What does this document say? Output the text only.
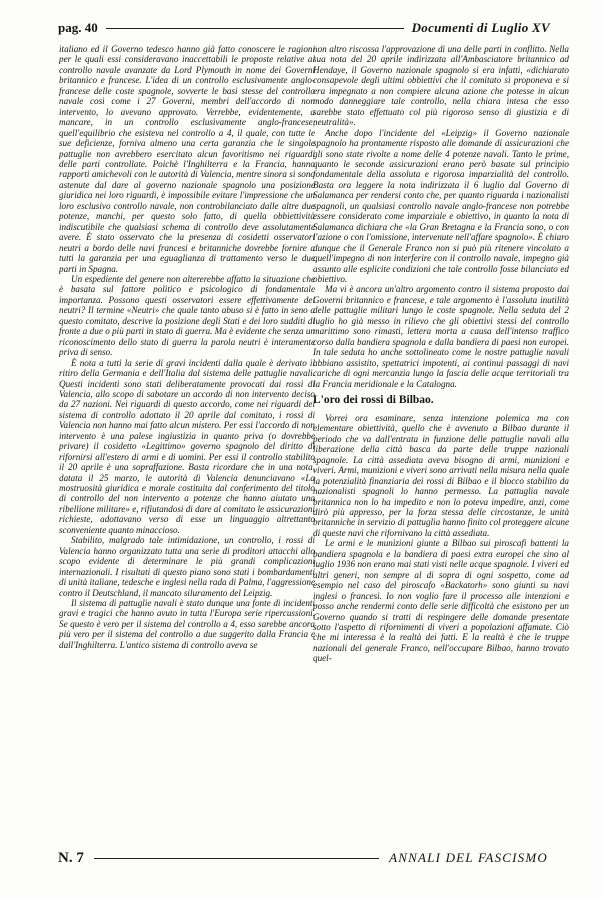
pag. 40	Documenti di Luglio XV

italiano ed il Governo tedesco hanno già fatto conoscere le ragioni per le quali essi consideravano inaccettabili le proposte relative al controllo navale avanzate da Lord Plymouth in nome dei Governi britannico e francese. L'idea di un controllo esclusivamente anglo-francese delle coste spagnole, sovverte le basi stesse del controllo navale così come i 27 Governi, membri dell'accordo di non intervento, lo avevano approvato. Verrebbe, evidentemente, a mancare, in un controllo esclusivamente anglo-francese, quell'equilibrio che esisteva nel controllo a 4, il quale, con tutte le sue deficienze, forniva almeno una certa garanzia che le singole pattuglie non avrebbero esercitato alcun favoritismo nei riguardi delle parti controllate. Poichè l'Inghilterra e la Francia, hanno rapporti amichevoli con le autorità di Valencia, mentre sinora si sono astenute dal dare al governo nazionale spagnolo una posizione giuridica nei loro riguardi, è impossibile evitare l'impressione che un loro esclusivo controllo navale, non controbilanciato dalle altre due potenze, manchi, per questo solo fatto, di quella obbiettività indiscutibile che qualsiasi schema di controllo deve assolutamente avere. È stato osservato che la presenza di cosidetti osservatori neutri a bordo delle navi francesi e britanniche dovrebbe fornire a tutti la garanzia per una eguaglianza di trattamento verso le due parti in Spagna.

Un espediente del genere non altererebbe affatto la situazione che è basata sul fattore politico e psicologico di fondamentale importanza. Possono questi osservatori essere effettivamente dei neutri? Il termine «Neutri» che quale tanto abuso si è fatto in seno a questo comitato, descrive la posizione degli Stati e dei loro sudditi di fronte a due o più parti in stato di guerra. Ma è evidente che senza un riconoscimento dello stato di guerra la parola neutri è interamente priva di senso.

È nota a tutti la serie di gravi incidenti dalla quale è derivato il ritiro della Germania e dell'Italia dal sistema delle pattuglie navali. Questi incidenti sono stati deliberatamente provocati dai rossi di Valencia, allo scopo di sabotare un accordo di non intervento deciso da 27 nazioni. Nei riguardi di questo accordo, come nei riguardi del sistema di controllo adottato il 20 aprile dal comitato, i rossi di Valencia non hanno mai fatto alcun mistero. Per essi l'accordo di non intervento è una palese ingiustizia in quanto priva (o dovrebbe privare) il cosidetto «Legittimo» governo spagnolo del diritto di rifornirsi all'estero di armi e di uomini. Per essi il controllo stabilito il 20 aprile è una sopraffazione. Basta ricordare che in una nota, datata il 25 marzo, le autorità di Valencia denunciavano «La mostruosità giuridica e morale costituita dal conferimento del titolo di controllo del non intervento a potenze che hanno aiutato una ribellione militare» e, rifiutandosi di dare al comitato le assicurazioni richieste, adottavano verso di esse un linguaggio altrettanto sconveniente quanto minaccioso.

Stabilito, malgrado tale intimidazione, un controllo, i rossi di Valencia hanno organizzato tutta una serie di proditori attacchi allo scopo evidente di determinare le più grandi complicazioni internazionali. I risultati di questo piano sono stati i bombardamenti di unità italiane, tedesche e inglesi nella rada di Palma, l'aggressione contro il Deutschland, il mancato siluramento del Leipzig.

Il sistema di pattuglie navali è stato dunque una fonte di incidenti gravi e tragici che hanno avuto in tutta l'Europa serie ripercussioni. Se questo è vero per il sistema del controllo a 4, esso sarebbe ancora più vero per il sistema del controllo a due suggerito dalla Francia e dall'Inghilterra. L'antico sistema di controllo aveva se

non altro riscossa l'approvazione di una delle parti in conflitto. Nella sua nota del 20 aprile indirizzata all'Ambasciatore britannico ad Hendaye, il Governo nazionale spagnolo si era infatti, «dichiarato consapevole degli ultimi obbiettivi che il comitato si proponeva e si era impegnato a non compiere alcuna azione che potesse in alcun modo danneggiare tale controllo, nella chiara intesa che esso sarebbe stato effettuato col più rigoroso senso di giustizia e di neutralità».

Anche dopo l'incidente del «Leipzig» il Governo nazionale spagnolo ha prontamente risposto alle domande di assicurazioni che gli sono state rivolte a nome delle 4 potenze navali. Tanto le prime, quanto le seconde assicurazioni erano però basate sul principio fondamentale della assoluta e rigorosa imparzialità del controllo. Basta ora leggere la nota indirizzata il 6 luglio dal Governo di Salamanca per rendersi conto che, per quanto riguarda i nazionalisti spagnoli, un qualsiasi controllo navale anglo-francese non potrebbe essere considerato come imparziale e obiettivo, in quanto la nota di Salamanca dichiara che «la Gran Bretagna e la Francia sono, o con l'azione o con l'omissione, intervenute nell'affare spagnolo». È chiaro dunque che il Generale Franco non si può più ritenere vincolato a quell'impegno di non interferire con il controllo navale, impegno già assunto alle esplicite condizioni che tale controllo fosse bilanciato ed obiettivo.

Ma vi è ancora un'altro argomento contro il sistema proposto dai Governi britannico e francese, e tale argomento è l'assoluta inutilità delle pattuglie militari lungo le coste spagnole. Nella seduta del 2 luglio ho già messo in rilievo che gli obiettivi stessi del controllo marittimo sono rimasti, lettera morta a causa dell'intenso traffico corso dalla bandiera spagnola e dalla bandiera di paesi non europei. In tale seduta ho anche sottolineato come le nostre pattuglie navali abbiano assistito, spettatrici impotenti, ai continui passaggi di navi cariche di ogni mercanzia lungo la fascia delle acque territoriali tra la Francia meridionale e la Catalogna.

L'oro dei rossi di Bilbao.

Vorrei ora esaminare, senza intenzione polemica ma con elementare obiettività, quello che è avvenuto a Bilbao durante il periodo che va dall'entrata in funzione delle pattuglie navali alla liberazione della città basca da parte delle truppe nazionali spagnole. La città assediata aveva bisogno di armi, munizioni e viveri. Armi, munizioni e viveri sono arrivati nella misura nella quale la potenzialità finanziaria dei rossi di Bilbao e il blocco stabilito da nazionalisti spagnoli lo hanno permesso. La pattuglia navale britannica non lo ha impedito e non lo poteva impedire, anzi, come dirò più appresso, per la forza stessa delle circostanze, le unità britanniche in servizio di pattuglia hanno finito col proteggere alcune di queste navi che rifornivano la città assediata.

Le armi e le munizioni giunte a Bilbao sui piroscafi battenti la bandiera spagnola e la bandiera di paesi extra europei che sino al luglio 1936 non erano mai stati visti nelle acque spagnole. I viveri ed altri generi, non sempre al di sopra di ogni sospetto, come ad esempio nel caso del piroscafo «Backatorh» sono giunti su navi inglesi o francesi. Io non voglio fare il processo alle intenzioni e posso anche rendermi conto delle serie difficoltà che esistono per un Governo quando si tratti di respingere delle domande presentate sotto l'aspetto di rifornimenti di viveri a popolazioni affamate. Ciò che mi interessa è la realtà dei fatti. E la realtà è che le truppe nazionali del generale Franco, nell'occupare Bilbao, hanno trovato quel-

N. 7	ANNALI DEL FASCISMO
